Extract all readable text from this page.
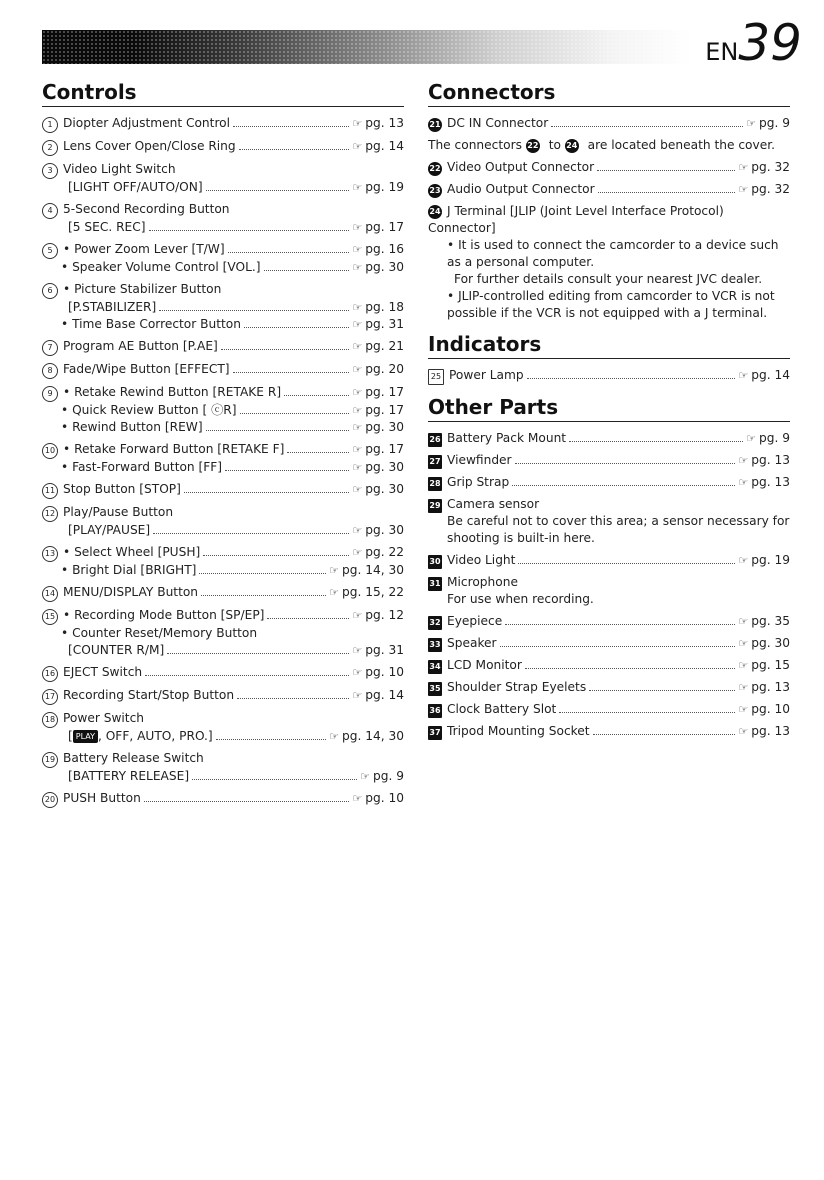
EN39
Controls
1 Diopter Adjustment Control	☞ pg. 13
2 Lens Cover Open/Close Ring	☞ pg. 14
3 Video Light Switch
[LIGHT OFF/AUTO/ON]	☞ pg. 19
4 5-Second Recording Button
[5 SEC. REC]	☞ pg. 17
5 • Power Zoom Lever [T/W]	☞ pg. 16
• Speaker Volume Control [VOL.]	☞ pg. 30
6 • Picture Stabilizer Button
[P.STABILIZER]	☞ pg. 18
• Time Base Corrector Button	☞ pg. 31
7 Program AE Button [P.AE]	☞ pg. 21
8 Fade/Wipe Button [EFFECT]	☞ pg. 20
9 • Retake Rewind Button [RETAKE R]	☞ pg. 17
• Quick Review Button [ ⓒR]	☞ pg. 17
• Rewind Button [REW]	☞ pg. 30
10 • Retake Forward Button [RETAKE F]	☞ pg. 17
• Fast-Forward Button [FF]	☞ pg. 30
11 Stop Button [STOP]	☞ pg. 30
12 Play/Pause Button
[PLAY/PAUSE]	☞ pg. 30
13 • Select Wheel [PUSH]	☞ pg. 22
• Bright Dial [BRIGHT]	☞ pg. 14, 30
14 MENU/DISPLAY Button	☞ pg. 15, 22
15 • Recording Mode Button [SP/EP]	☞ pg. 12
• Counter Reset/Memory Button
[COUNTER R/M]	☞ pg. 31
16 EJECT Switch	☞ pg. 10
17 Recording Start/Stop Button	☞ pg. 14
18 Power Switch
[ PLAY , OFF, AUTO, PRO.]	☞ pg. 14, 30
19 Battery Release Switch
[BATTERY RELEASE]	☞ pg. 9
20 PUSH Button	☞ pg. 10
Connectors
21 DC IN Connector	☞ pg. 9
The connectors 22 to 24 are located beneath the cover.
22 Video Output Connector	☞ pg. 32
23 Audio Output Connector	☞ pg. 32
24 J Terminal [JLIP (Joint Level Interface Protocol) Connector]
• It is used to connect the camcorder to a device such as a personal computer.
For further details consult your nearest JVC dealer.
• JLIP-controlled editing from camcorder to VCR is not possible if the VCR is not equipped with a J terminal.
Indicators
25 Power Lamp	☞ pg. 14
Other Parts
26 Battery Pack Mount	☞ pg. 9
27 Viewfinder	☞ pg. 13
28 Grip Strap	☞ pg. 13
29 Camera sensor
Be careful not to cover this area; a sensor necessary for shooting is built-in here.
30 Video Light	☞ pg. 19
31 Microphone
For use when recording.
32 Eyepiece	☞ pg. 35
33 Speaker	☞ pg. 30
34 LCD Monitor	☞ pg. 15
35 Shoulder Strap Eyelets	☞ pg. 13
36 Clock Battery Slot	☞ pg. 10
37 Tripod Mounting Socket	☞ pg. 13
